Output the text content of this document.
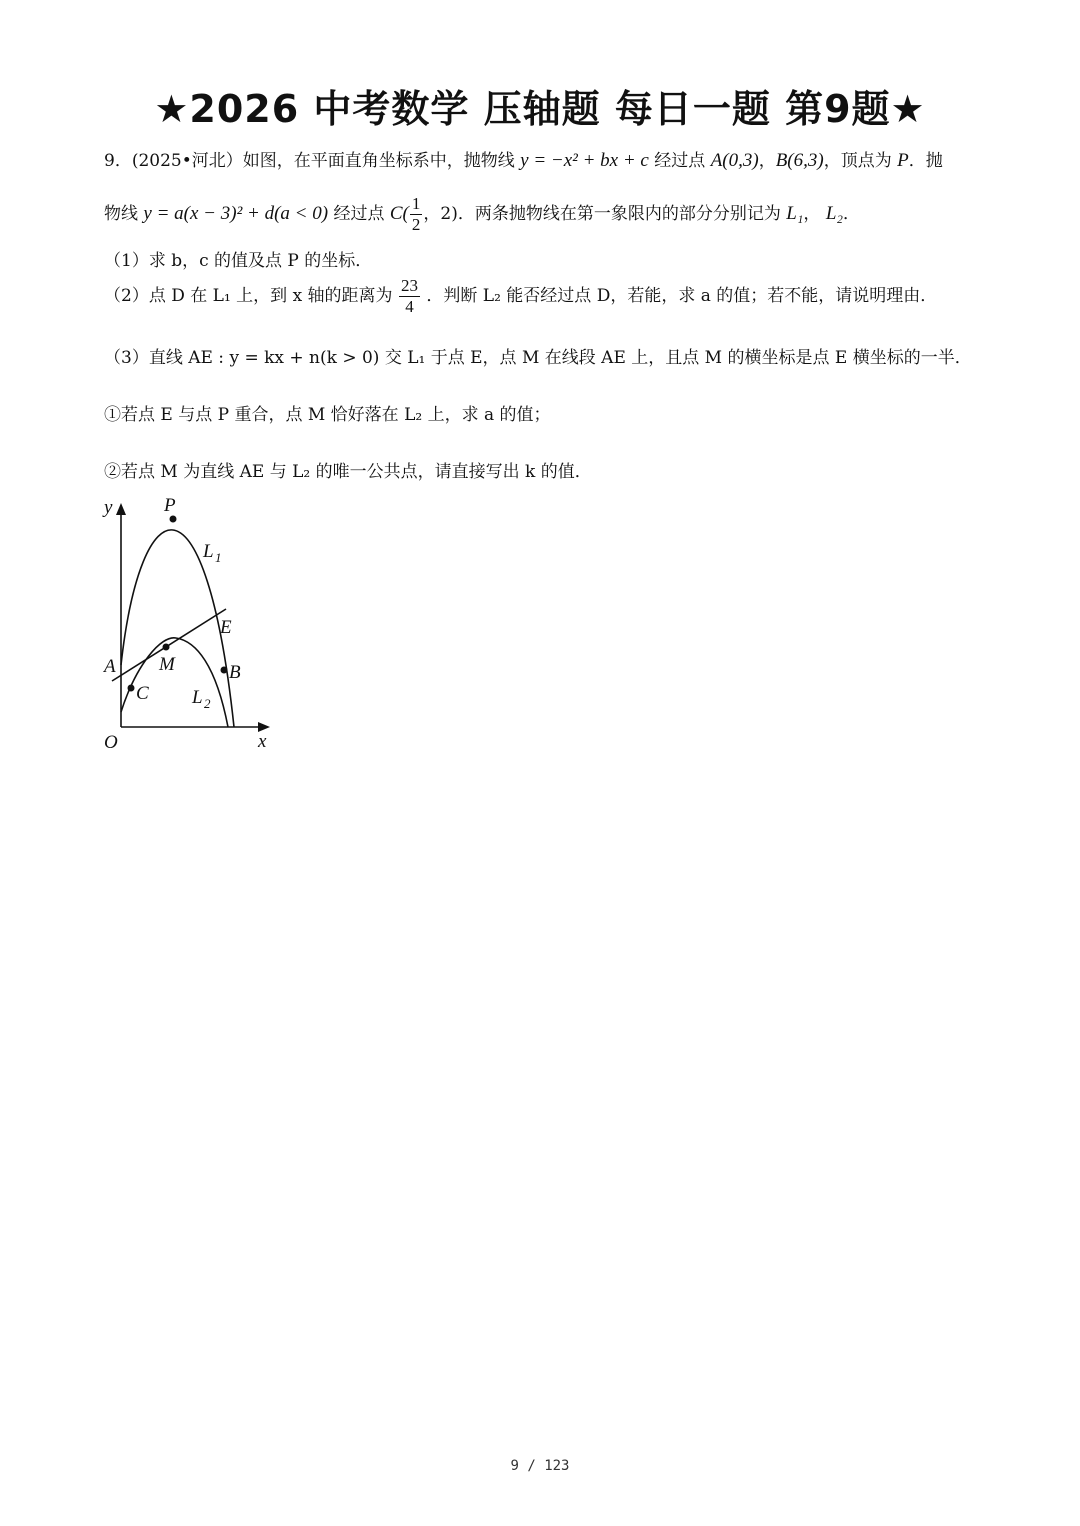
★2026 中考数学 压轴题 每日一题 第9题★
9．(2025•河北）如图，在平面直角坐标系中，抛物线 y = −x² + bx + c 经过点 A(0,3)，B(6,3)，顶点为 P．抛
物线 y = a(x − 3)² + d(a < 0) 经过点 $C( \frac{1}{2}$ ，2)．两条抛物线在第一象限内的部分分别记为 L₁， L₂．
（1）求 b，c 的值及点 P 的坐标．
（2）点 D 在 L₁ 上，到 x 轴的距离为 $\frac{23}{4}$ ．判断 L₂ 能否经过点 D，若能，求 a 的值；若不能，请说明理由．
（3）直线 AE : y = kx + n(k > 0) 交 L₁ 于点 E，点 M 在线段 AE 上，且点 M 的横坐标是点 E 横坐标的一半．
①若点 E 与点 P 重合，点 M 恰好落在 L₂ 上，求 a 的值；
②若点 M 为直线 AE 与 L₂ 的唯一公共点，请直接写出 k 的值．
y
x
O
P
L 1
E
A M	B
C L 2
9 / 123
